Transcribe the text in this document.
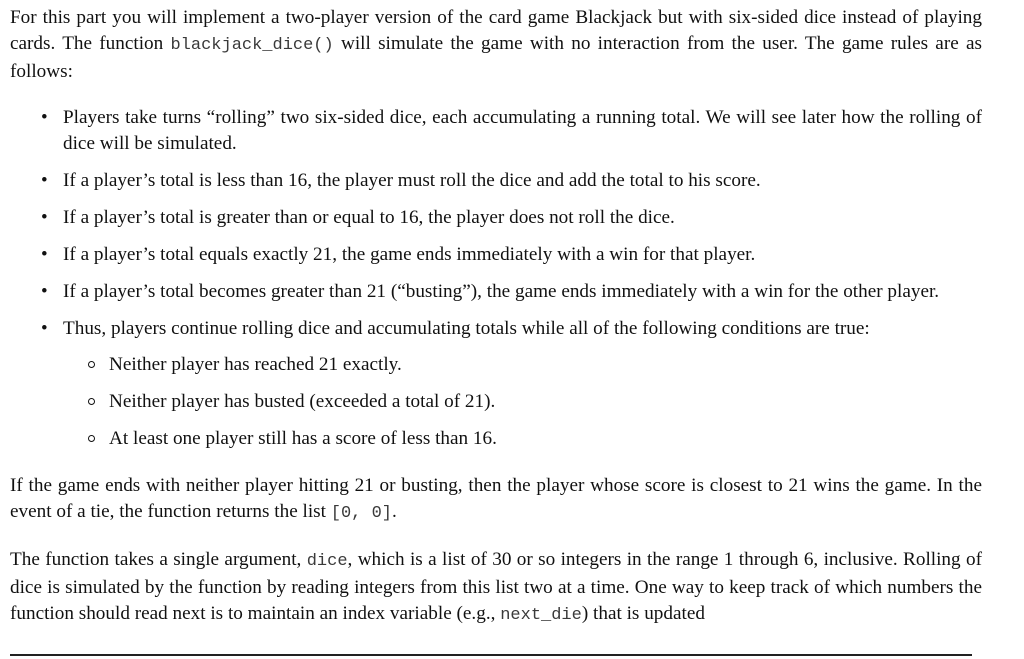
For this part you will implement a two-player version of the card game Blackjack but with six-sided dice instead of playing cards. The function blackjack_dice() will simulate the game with no interaction from the user. The game rules are as follows:

• Players take turns “rolling” two six-sided dice, each accumulating a running total. We will see later how the rolling of dice will be simulated.
• If a player’s total is less than 16, the player must roll the dice and add the total to his score.
• If a player’s total is greater than or equal to 16, the player does not roll the dice.
• If a player’s total equals exactly 21, the game ends immediately with a win for that player.
• If a player’s total becomes greater than 21 (“busting”), the game ends immediately with a win for the other player.
• Thus, players continue rolling dice and accumulating totals while all of the following conditions are true:
Neither player has reached 21 exactly.
Neither player has busted (exceeded a total of 21).
At least one player still has a score of less than 16.

If the game ends with neither player hitting 21 or busting, then the player whose score is closest to 21 wins the game. In the event of a tie, the function returns the list [0, 0].

The function takes a single argument, dice, which is a list of 30 or so integers in the range 1 through 6, inclusive. Rolling of dice is simulated by the function by reading integers from this list two at a time. One way to keep track of which numbers the function should read next is to maintain an index variable (e.g., next_die) that is updated
